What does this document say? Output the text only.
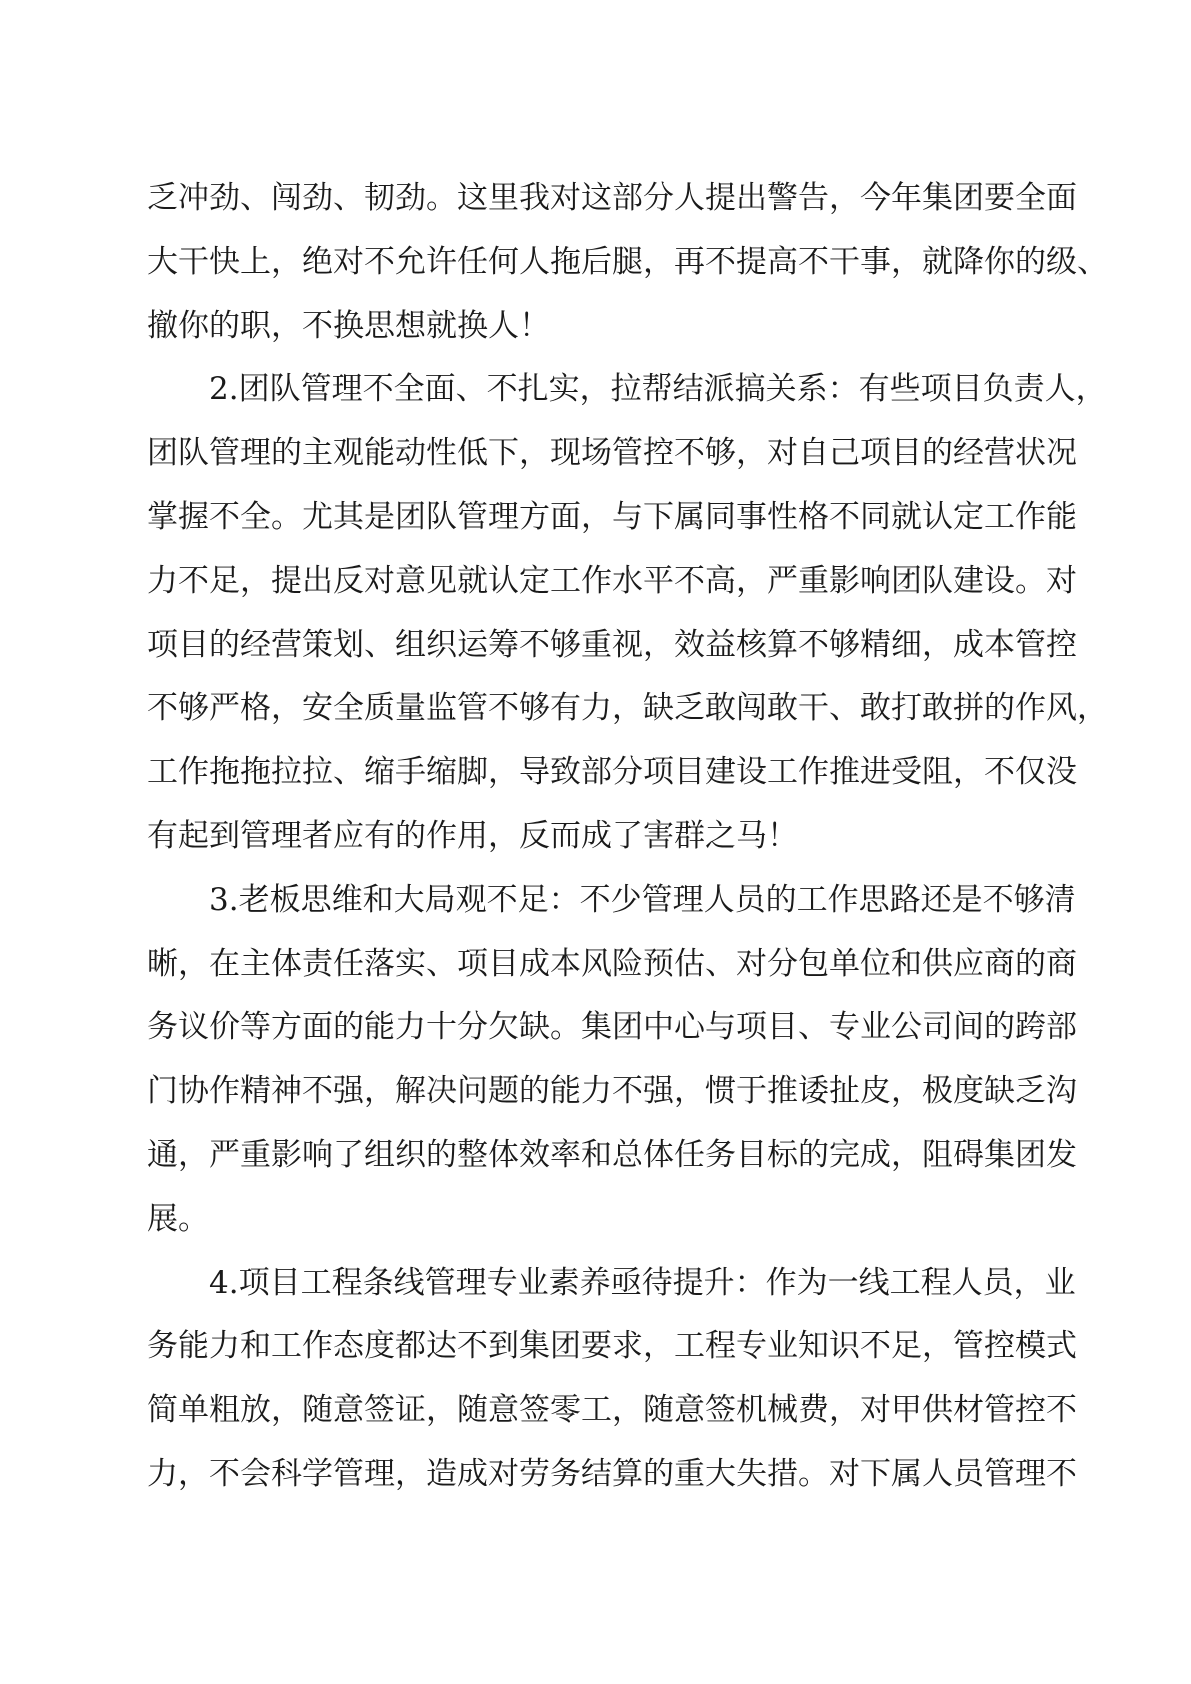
乏冲劲、闯劲、韧劲。这里我对这部分人提出警告，今年集团要全面
大干快上，绝对不允许任何人拖后腿，再不提高不干事，就降你的级、
撤你的职，不换思想就换人！
2.团队管理不全面、不扎实，拉帮结派搞关系：有些项目负责人，
团队管理的主观能动性低下，现场管控不够，对自己项目的经营状况
掌握不全。尤其是团队管理方面，与下属同事性格不同就认定工作能
力不足，提出反对意见就认定工作水平不高，严重影响团队建设。对
项目的经营策划、组织运筹不够重视，效益核算不够精细，成本管控
不够严格，安全质量监管不够有力，缺乏敢闯敢干、敢打敢拼的作风，
工作拖拖拉拉、缩手缩脚，导致部分项目建设工作推进受阻，不仅没
有起到管理者应有的作用，反而成了害群之马！
3.老板思维和大局观不足：不少管理人员的工作思路还是不够清
晰，在主体责任落实、项目成本风险预估、对分包单位和供应商的商
务议价等方面的能力十分欠缺。集团中心与项目、专业公司间的跨部
门协作精神不强，解决问题的能力不强，惯于推诿扯皮，极度缺乏沟
通，严重影响了组织的整体效率和总体任务目标的完成，阻碍集团发
展。
4.项目工程条线管理专业素养亟待提升：作为一线工程人员，业
务能力和工作态度都达不到集团要求，工程专业知识不足，管控模式
简单粗放，随意签证，随意签零工，随意签机械费，对甲供材管控不
力，不会科学管理，造成对劳务结算的重大失措。对下属人员管理不
